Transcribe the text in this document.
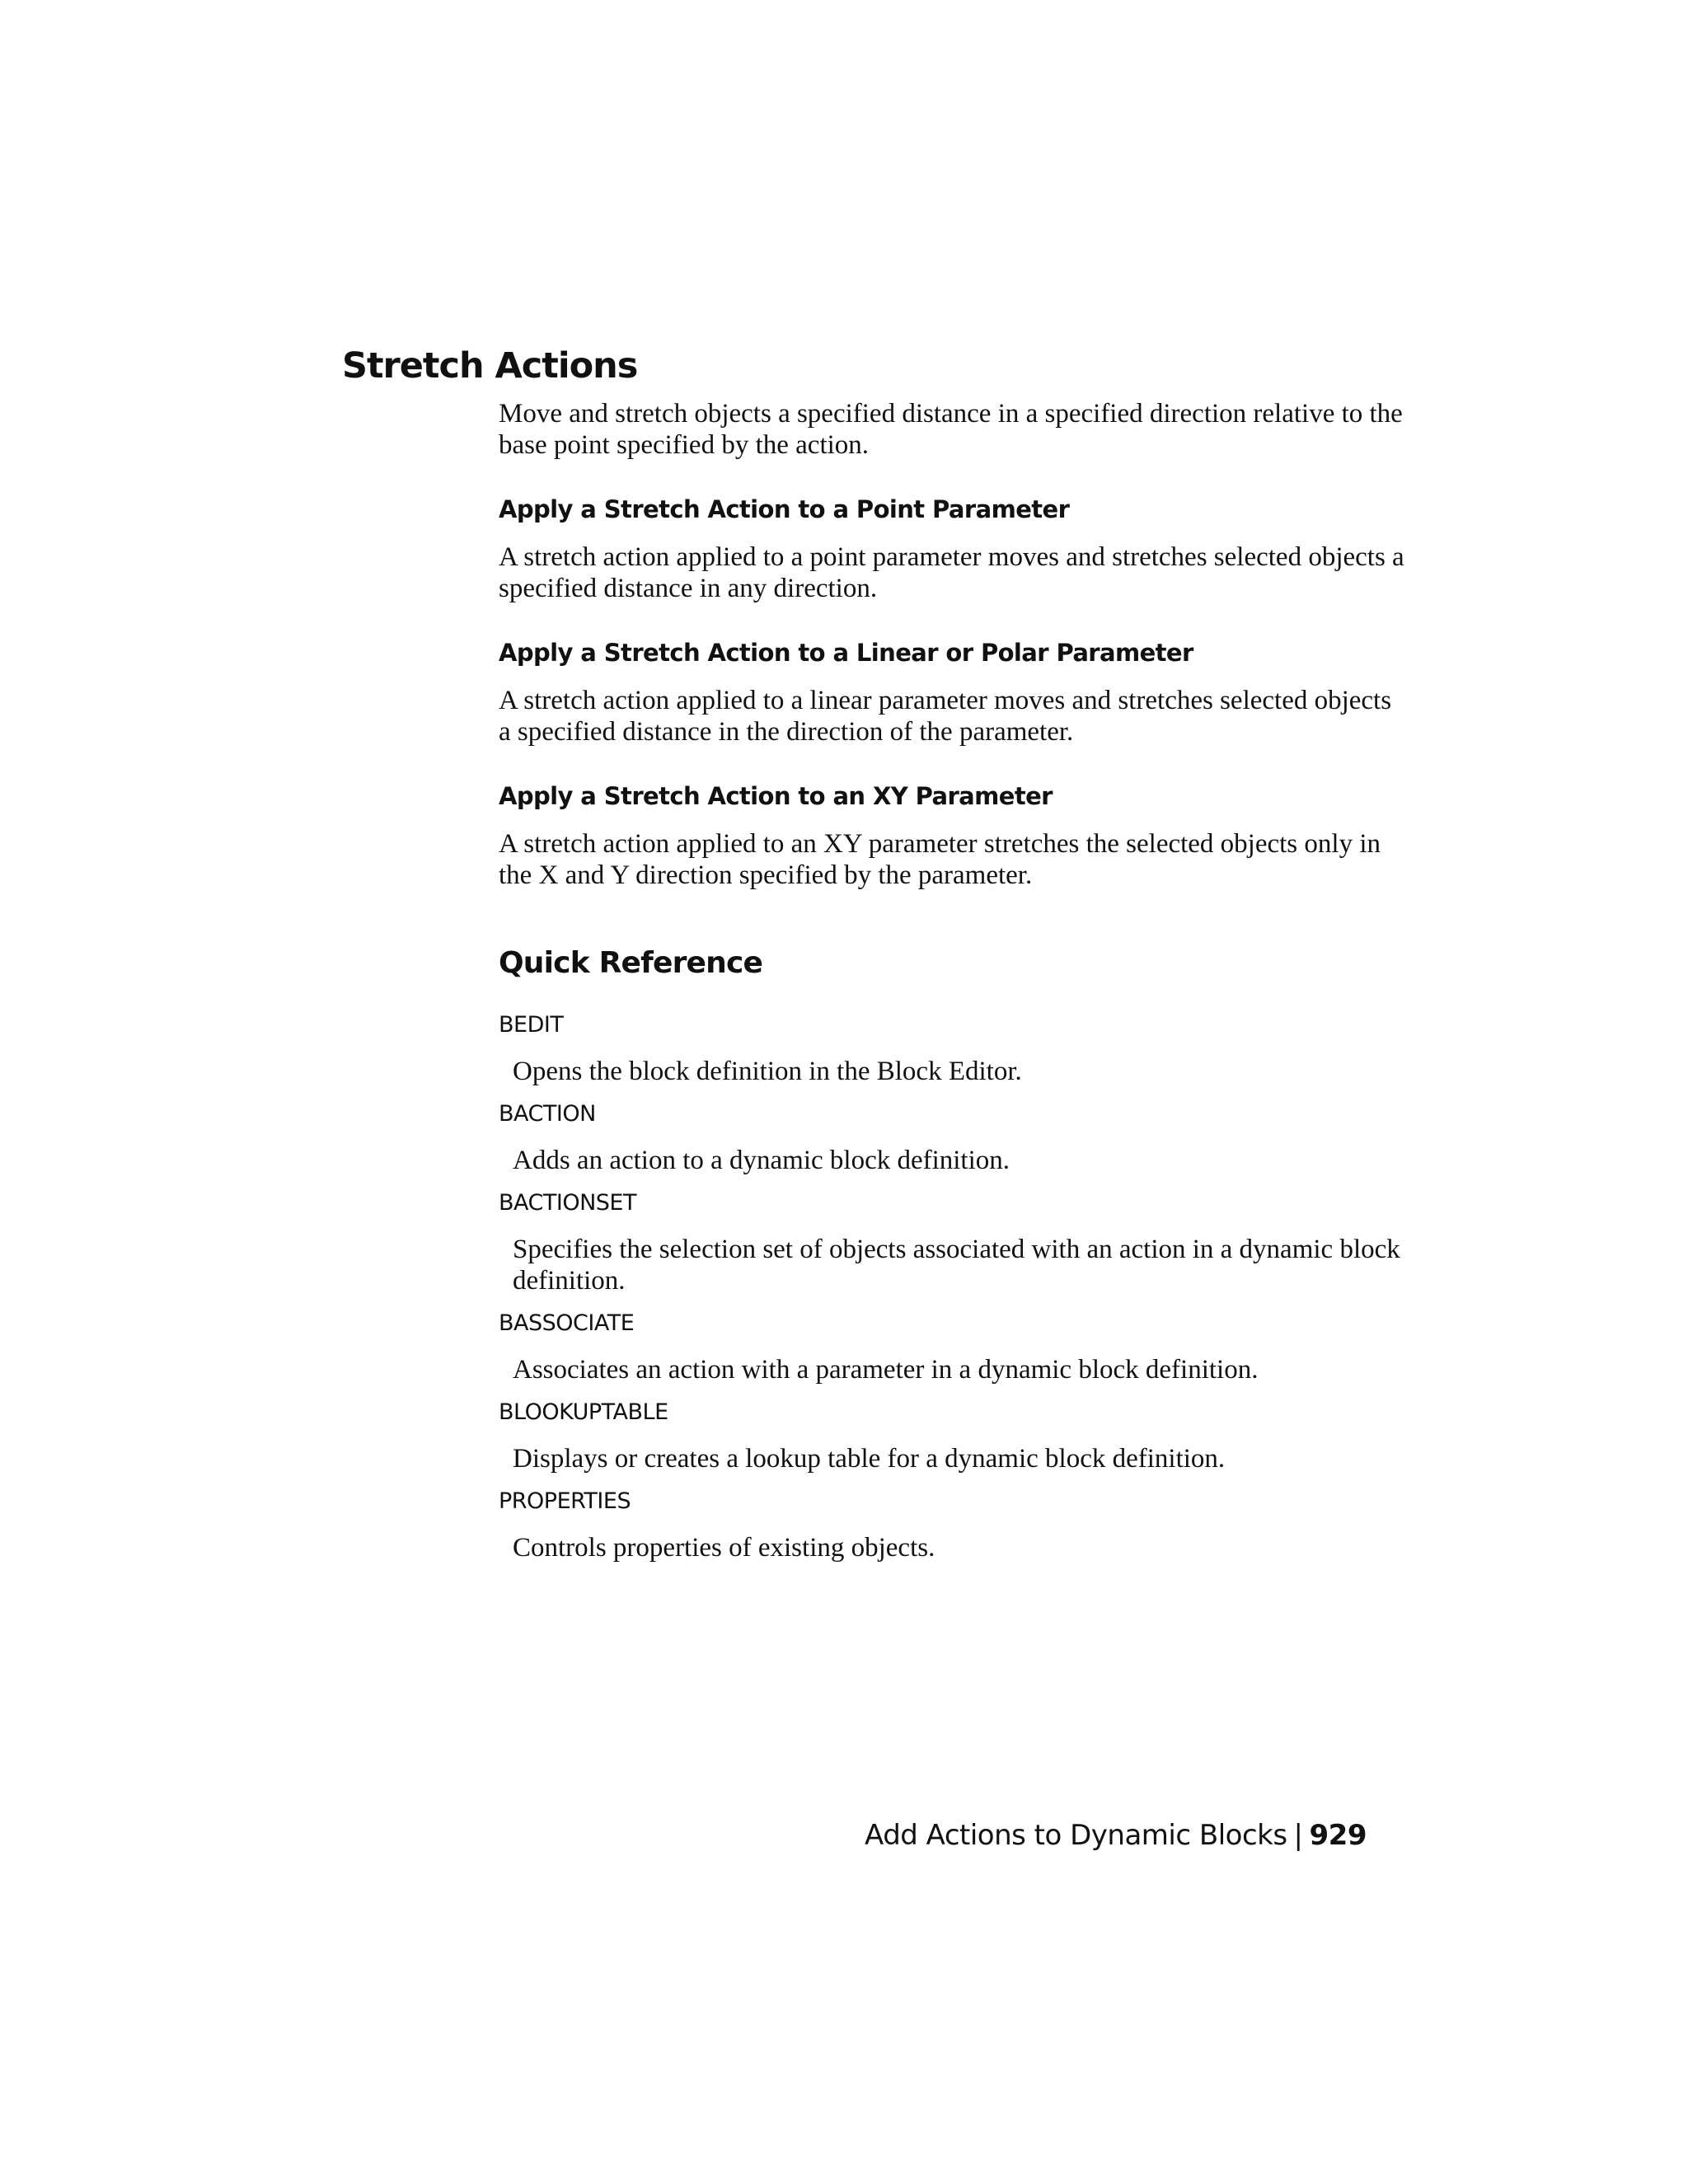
Stretch Actions

Move and stretch objects a specified distance in a specified direction relative to the base point specified by the action.

Apply a Stretch Action to a Point Parameter

A stretch action applied to a point parameter moves and stretches selected objects a specified distance in any direction.

Apply a Stretch Action to a Linear or Polar Parameter

A stretch action applied to a linear parameter moves and stretches selected objects a specified distance in the direction of the parameter.

Apply a Stretch Action to an XY Parameter

A stretch action applied to an XY parameter stretches the selected objects only in the X and Y direction specified by the parameter.

Quick Reference

BEDIT

Opens the block definition in the Block Editor.

BACTION

Adds an action to a dynamic block definition.

BACTIONSET

Specifies the selection set of objects associated with an action in a dynamic block definition.

BASSOCIATE

Associates an action with a parameter in a dynamic block definition.

BLOOKUPTABLE

Displays or creates a lookup table for a dynamic block definition.

PROPERTIES

Controls properties of existing objects.

Add Actions to Dynamic Blocks | 929
